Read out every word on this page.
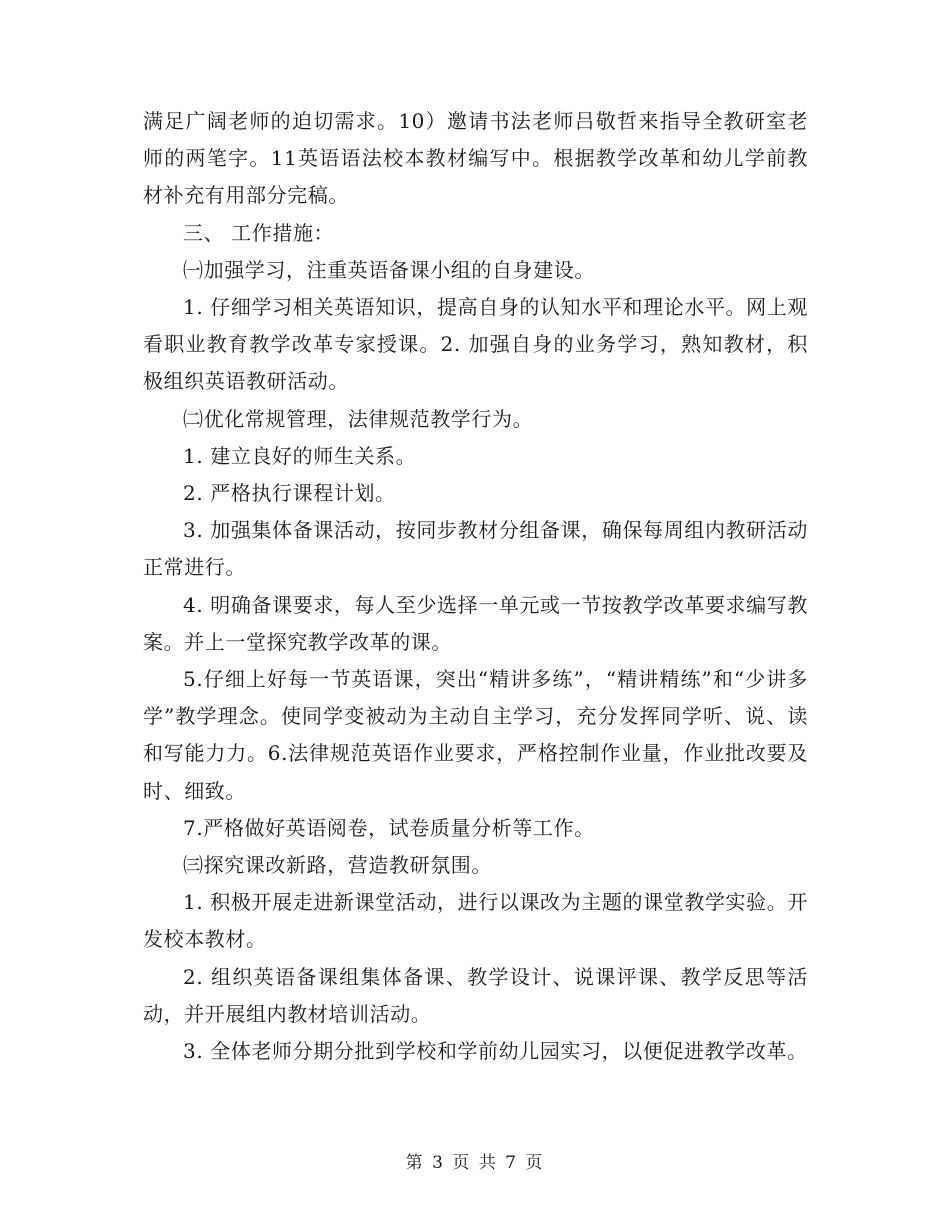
满足广阔老师的迫切需求。10）邀请书法老师吕敬哲来指导全教研室老师的两笔字。11英语语法校本教材编写中。根据教学改革和幼儿学前教材补充有用部分完稿。

三、 工作措施：

㈠加强学习，注重英语备课小组的自身建设。

1. 仔细学习相关英语知识，提高自身的认知水平和理论水平。网上观看职业教育教学改革专家授课。2. 加强自身的业务学习，熟知教材，积极组织英语教研活动。

㈡优化常规管理，法律规范教学行为。

1. 建立良好的师生关系。

2. 严格执行课程计划。

3. 加强集体备课活动，按同步教材分组备课，确保每周组内教研活动正常进行。

4. 明确备课要求，每人至少选择一单元或一节按教学改革要求编写教案。并上一堂探究教学改革的课。

5.仔细上好每一节英语课，突出“精讲多练”，“精讲精练”和“少讲多学”教学理念。使同学变被动为主动自主学习，充分发挥同学听、说、读和写能力力。6.法律规范英语作业要求，严格控制作业量，作业批改要及时、细致。

7.严格做好英语阅卷，试卷质量分析等工作。

㈢探究课改新路，营造教研氛围。

1. 积极开展走进新课堂活动，进行以课改为主题的课堂教学实验。开发校本教材。

2. 组织英语备课组集体备课、教学设计、说课评课、教学反思等活动，并开展组内教材培训活动。

3. 全体老师分期分批到学校和学前幼儿园实习，以便促进教学改革。

第 3 页 共 7 页
